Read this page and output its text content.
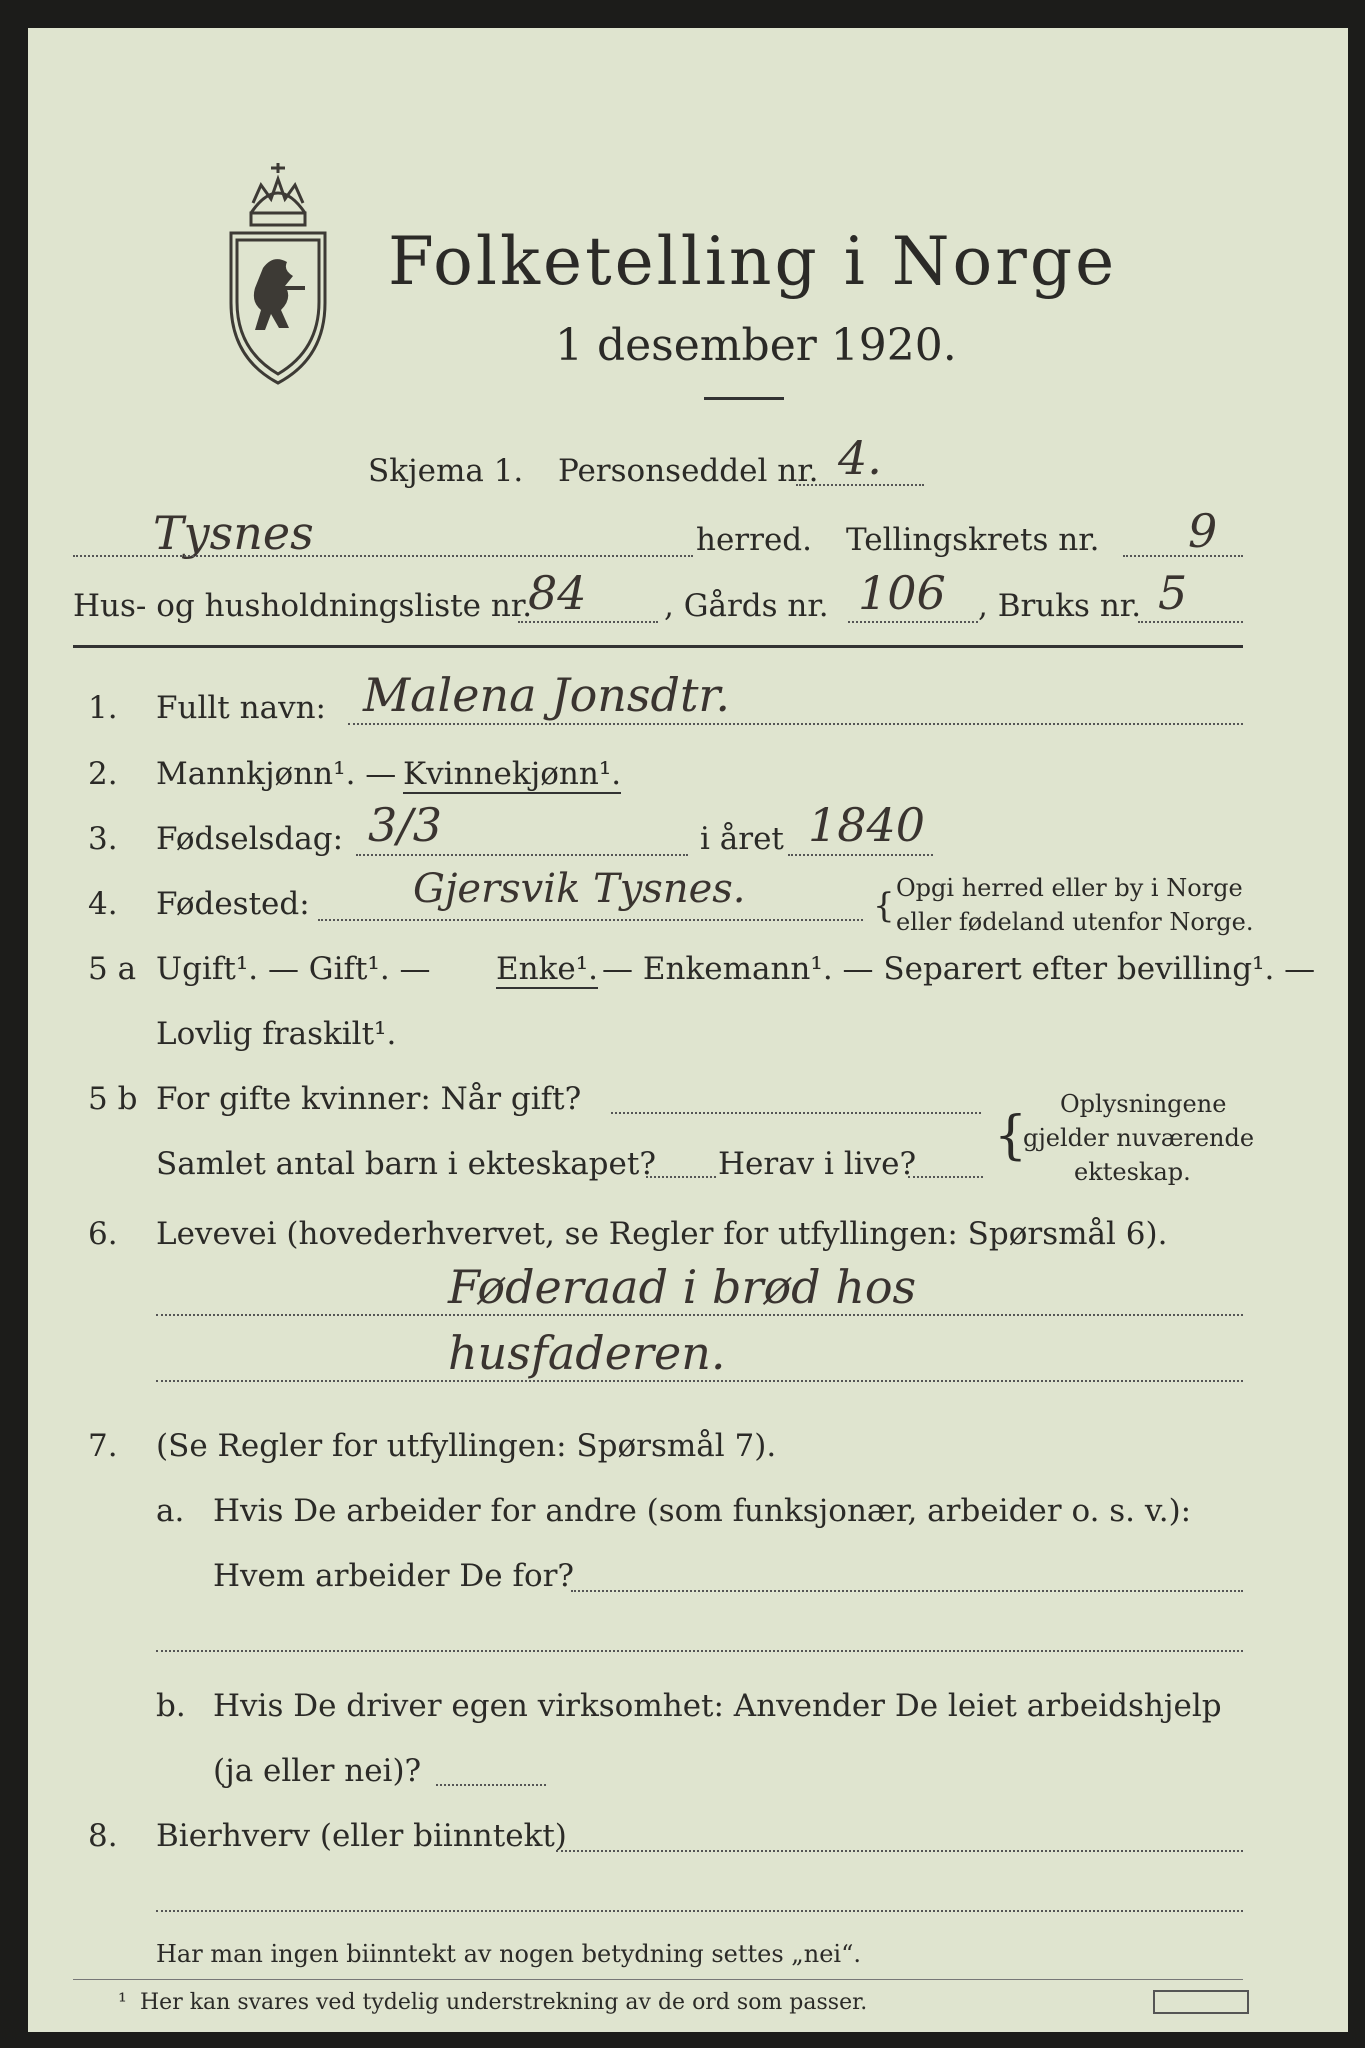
Folketelling i Norge
1 desember 1920.
Skjema 1. Personseddel nr. 4.
Tysnes	herred. Tellingskrets nr. 9
Hus- og husholdningsliste nr.
84 , Gårds nr. 106 , Bruks nr. 5
1. Fullt navn: Malena Jonsdtr.
2. Mannkjønn¹. — Kvinnekjønn¹.
3. Fødselsdag: 3/3	i året 1840
4. Fødested:	Gjersvik Tysnes.	{ Opgi herred eller by i Norge
eller fødeland utenfor Norge.
5 a Ugift¹. — Gift¹. — Enke¹. — Enkemann¹. — Separert efter bevilling¹. —
Lovlig fraskilt¹.
5 b For gifte kvinner: Når gift?
Samlet antal barn i ekteskapet? Herav i live? {
Oplysningene
gjelder nuværende
ekteskap.
6. Levevei (hovederhvervet, se Regler for utfyllingen: Spørsmål 6).
Føderaad i brød hos
husfaderen.
7. (Se Regler for utfyllingen: Spørsmål 7).
a. Hvis De arbeider for andre (som funksjonær, arbeider o. s. v.):
Hvem arbeider De for?
b. Hvis De driver egen virksomhet: Anvender De leiet arbeidshjelp
(ja eller nei)?
8. Bierhverv (eller biinntekt)
Har man ingen biinntekt av nogen betydning settes „nei“.
¹ Her kan svares ved tydelig understrekning av de ord som passer.
